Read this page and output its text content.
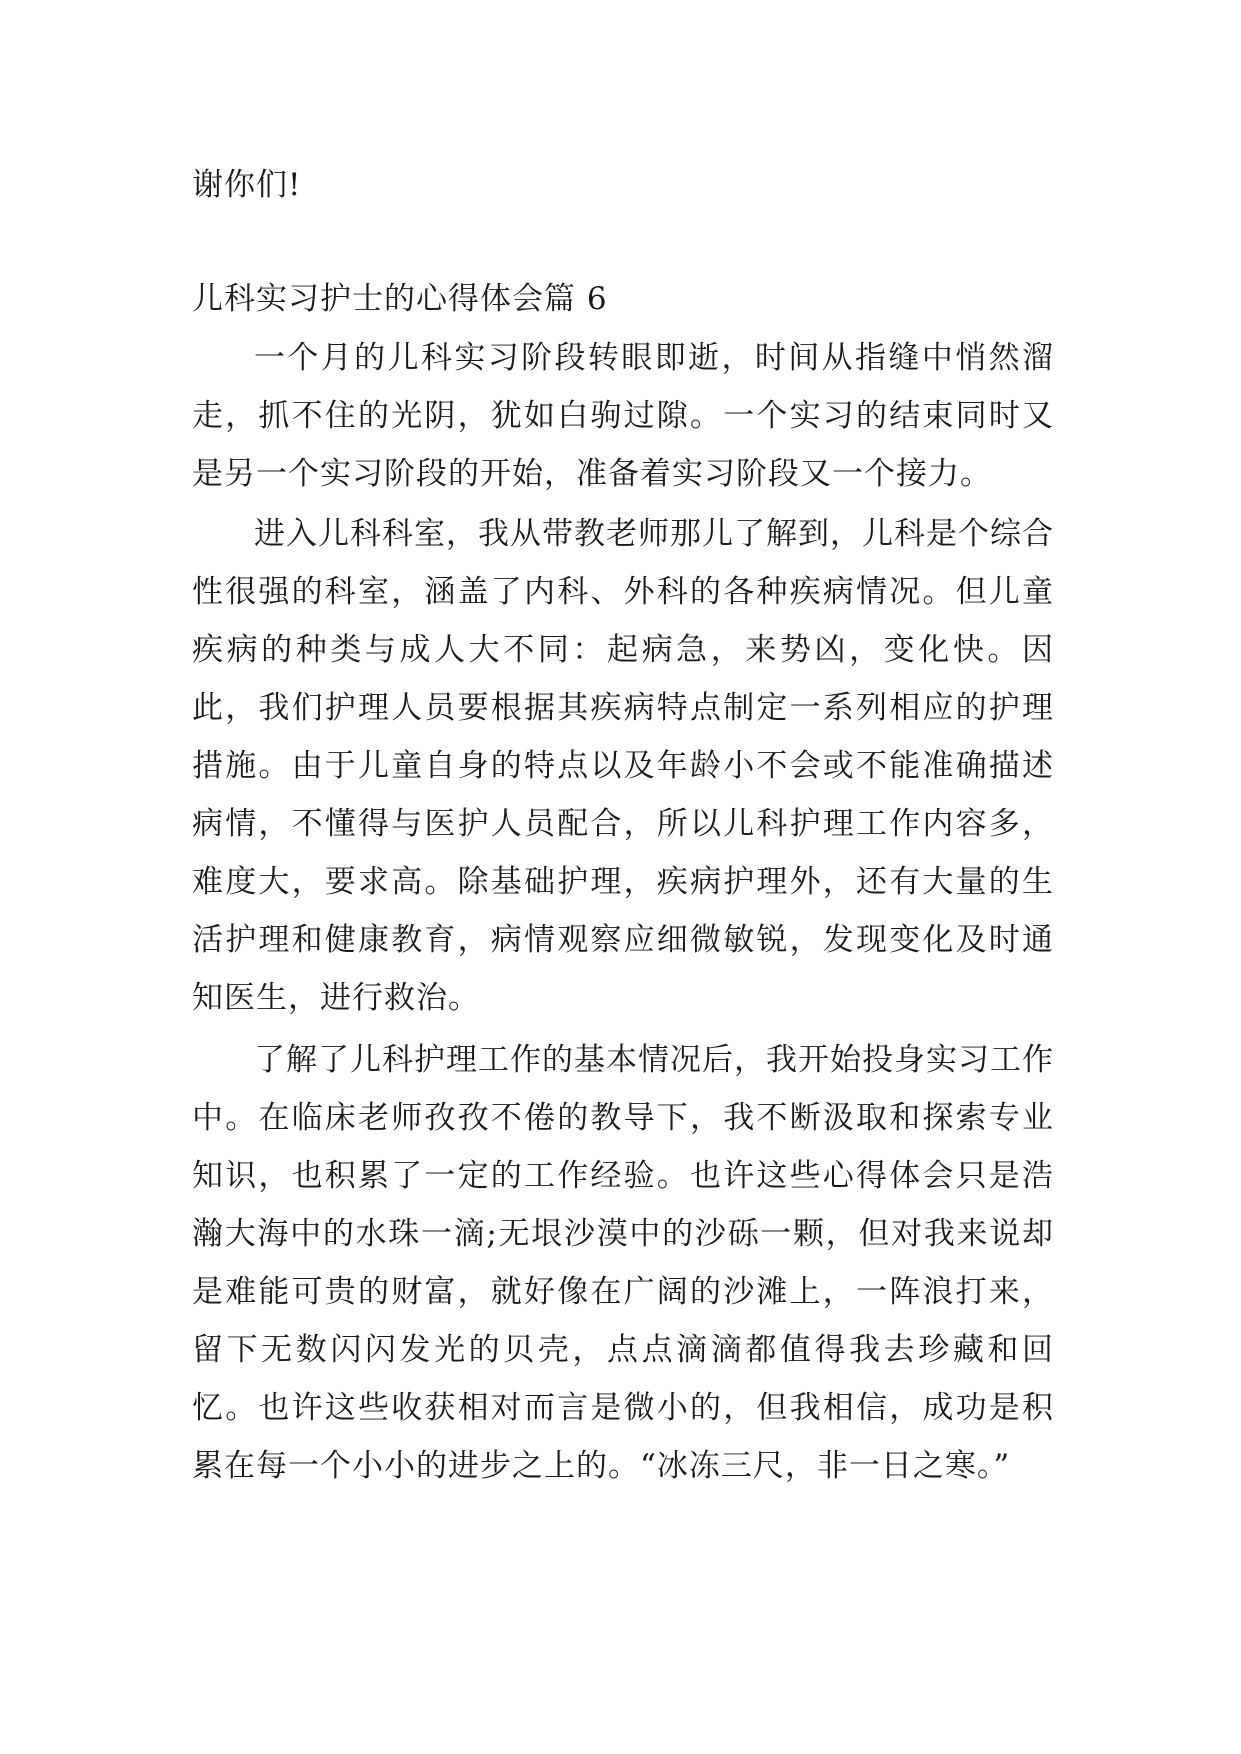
谢你们!

儿科实习护士的心得体会篇 6

一个月的儿科实习阶段转眼即逝，时间从指缝中悄然溜走，抓不住的光阴，犹如白驹过隙。一个实习的结束同时又是另一个实习阶段的开始，准备着实习阶段又一个接力。

进入儿科科室，我从带教老师那儿了解到，儿科是个综合性很强的科室，涵盖了内科、外科的各种疾病情况。但儿童疾病的种类与成人大不同：起病急，来势凶，变化快。因此，我们护理人员要根据其疾病特点制定一系列相应的护理措施。由于儿童自身的特点以及年龄小不会或不能准确描述病情，不懂得与医护人员配合，所以儿科护理工作内容多，难度大，要求高。除基础护理，疾病护理外，还有大量的生活护理和健康教育，病情观察应细微敏锐，发现变化及时通知医生，进行救治。

了解了儿科护理工作的基本情况后，我开始投身实习工作中。在临床老师孜孜不倦的教导下，我不断汲取和探索专业知识，也积累了一定的工作经验。也许这些心得体会只是浩瀚大海中的水珠一滴;无垠沙漠中的沙砾一颗，但对我来说却是难能可贵的财富，就好像在广阔的沙滩上，一阵浪打来，留下无数闪闪发光的贝壳，点点滴滴都值得我去珍藏和回忆。也许这些收获相对而言是微小的，但我相信，成功是积累在每一个小小的进步之上的。“冰冻三尺，非一日之寒。”
